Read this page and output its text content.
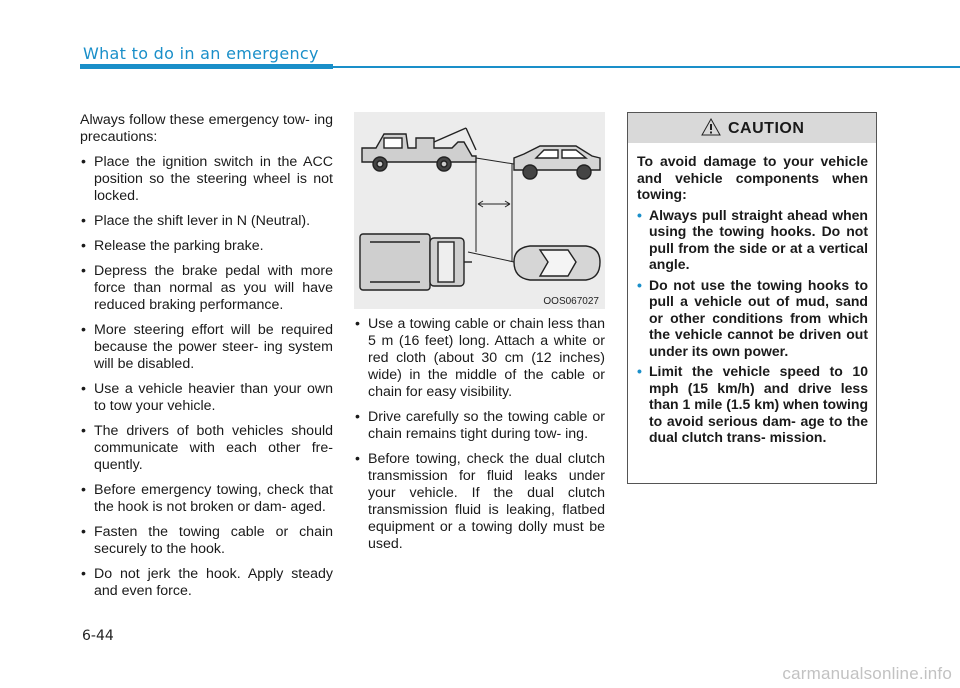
What to do in an emergency

Always follow these emergency tow- ing precautions:

• Place the ignition switch in the ACC position so the steering wheel is not locked.
• Place the shift lever in N (Neutral).
• Release the parking brake.
• Depress the brake pedal with more force than normal as you will have reduced braking performance.
• More steering effort will be required because the power steer- ing system will be disabled.
• Use a vehicle heavier than your own to tow your vehicle.
• The drivers of both vehicles should communicate with each other fre- quently.
• Before emergency towing, check that the hook is not broken or dam- aged.
• Fasten the towing cable or chain securely to the hook.
• Do not jerk the hook. Apply steady and even force.
OOS067027
• Use a towing cable or chain less than 5 m (16 feet) long. Attach a white or red cloth (about 30 cm (12 inches) wide) in the middle of the cable or chain for easy visibility.
• Drive carefully so the towing cable or chain remains tight during tow- ing.
• Before towing, check the dual clutch transmission for fluid leaks under your vehicle. If the dual clutch transmission fluid is leaking, flatbed equipment or a towing dolly must be used.
CAUTION

To avoid damage to your vehicle and vehicle components when towing:

• Always pull straight ahead when using the towing hooks. Do not pull from the side or at a vertical angle.
• Do not use the towing hooks to pull a vehicle out of mud, sand or other conditions from which the vehicle cannot be driven out under its own power.
• Limit the vehicle speed to 10 mph (15 km/h) and drive less than 1 mile (1.5 km) when towing to avoid serious dam- age to the dual clutch trans- mission.
6-44
carmanualsonline.info
